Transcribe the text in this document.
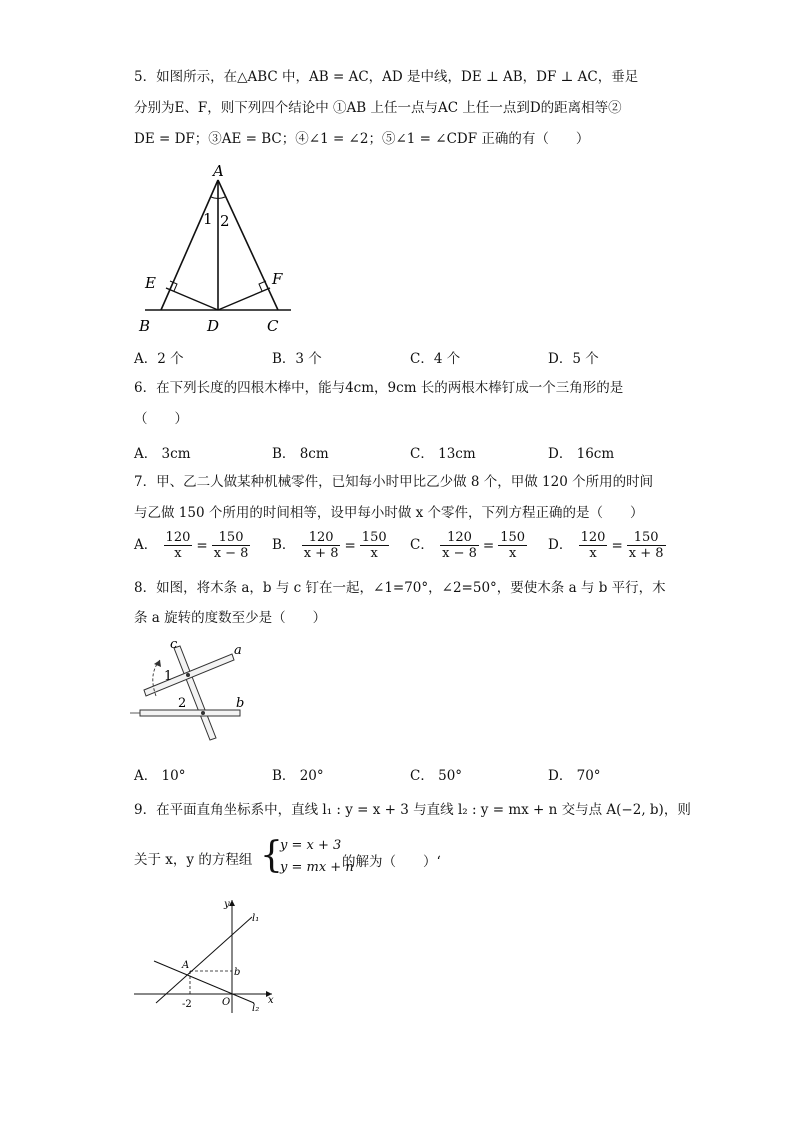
5．如图所示，在△ABC 中，AB = AC，AD 是中线，DE ⊥ AB，DF ⊥ AC，垂足
分别为E、F，则下列四个结论中 ①AB 上任一点与AC 上任一点到D的距离相等②
DE = DF；③AE = BC；④∠1 = ∠2；⑤∠1 = ∠CDF 正确的有（　　）
A
B	C
D
E	F
1 2
A．2 个	B．3 个	C．4 个	D．5 个
6．在下列长度的四根木棒中，能与4cm，9cm 长的两根木棒钉成一个三角形的是
（　　）
A． 3cm	B． 8cm	C． 13cm	D． 16cm
7．甲、乙二人做某种机械零件，已知每小时甲比乙少做 8 个，甲做 120 个所用的时间
与乙做 150 个所用的时间相等，设甲每小时做 x 个零件，下列方程正确的是（　　）
A． $\frac{120}{x} = \frac{150}{x - 8}$ B． $\frac{120}{x + 8} = \frac{150}{x}$ C． $\frac{120}{x - 8} = \frac{150}{x}$ D． $\frac{120}{x} = \frac{150}{x + 8}$
8．如图，将木条 a，b 与 c 钉在一起，∠1=70°，∠2=50°，要使木条 a 与 b 平行，木
条 a 旋转的度数至少是（　　）
c	a
b
1
2
A． 10°	B． 20°	C． 50°	D． 70°
9．在平面直角坐标系中，直线 l₁ : y = x + 3 与直线 l₂ : y = mx + n 交与点 A(−2, b)，则
关于 x，y 的方程组 {
y = x + 3
y = mx + n
的解为（　　）‘
y
x
l₁
l₂
A
b
O
-2
